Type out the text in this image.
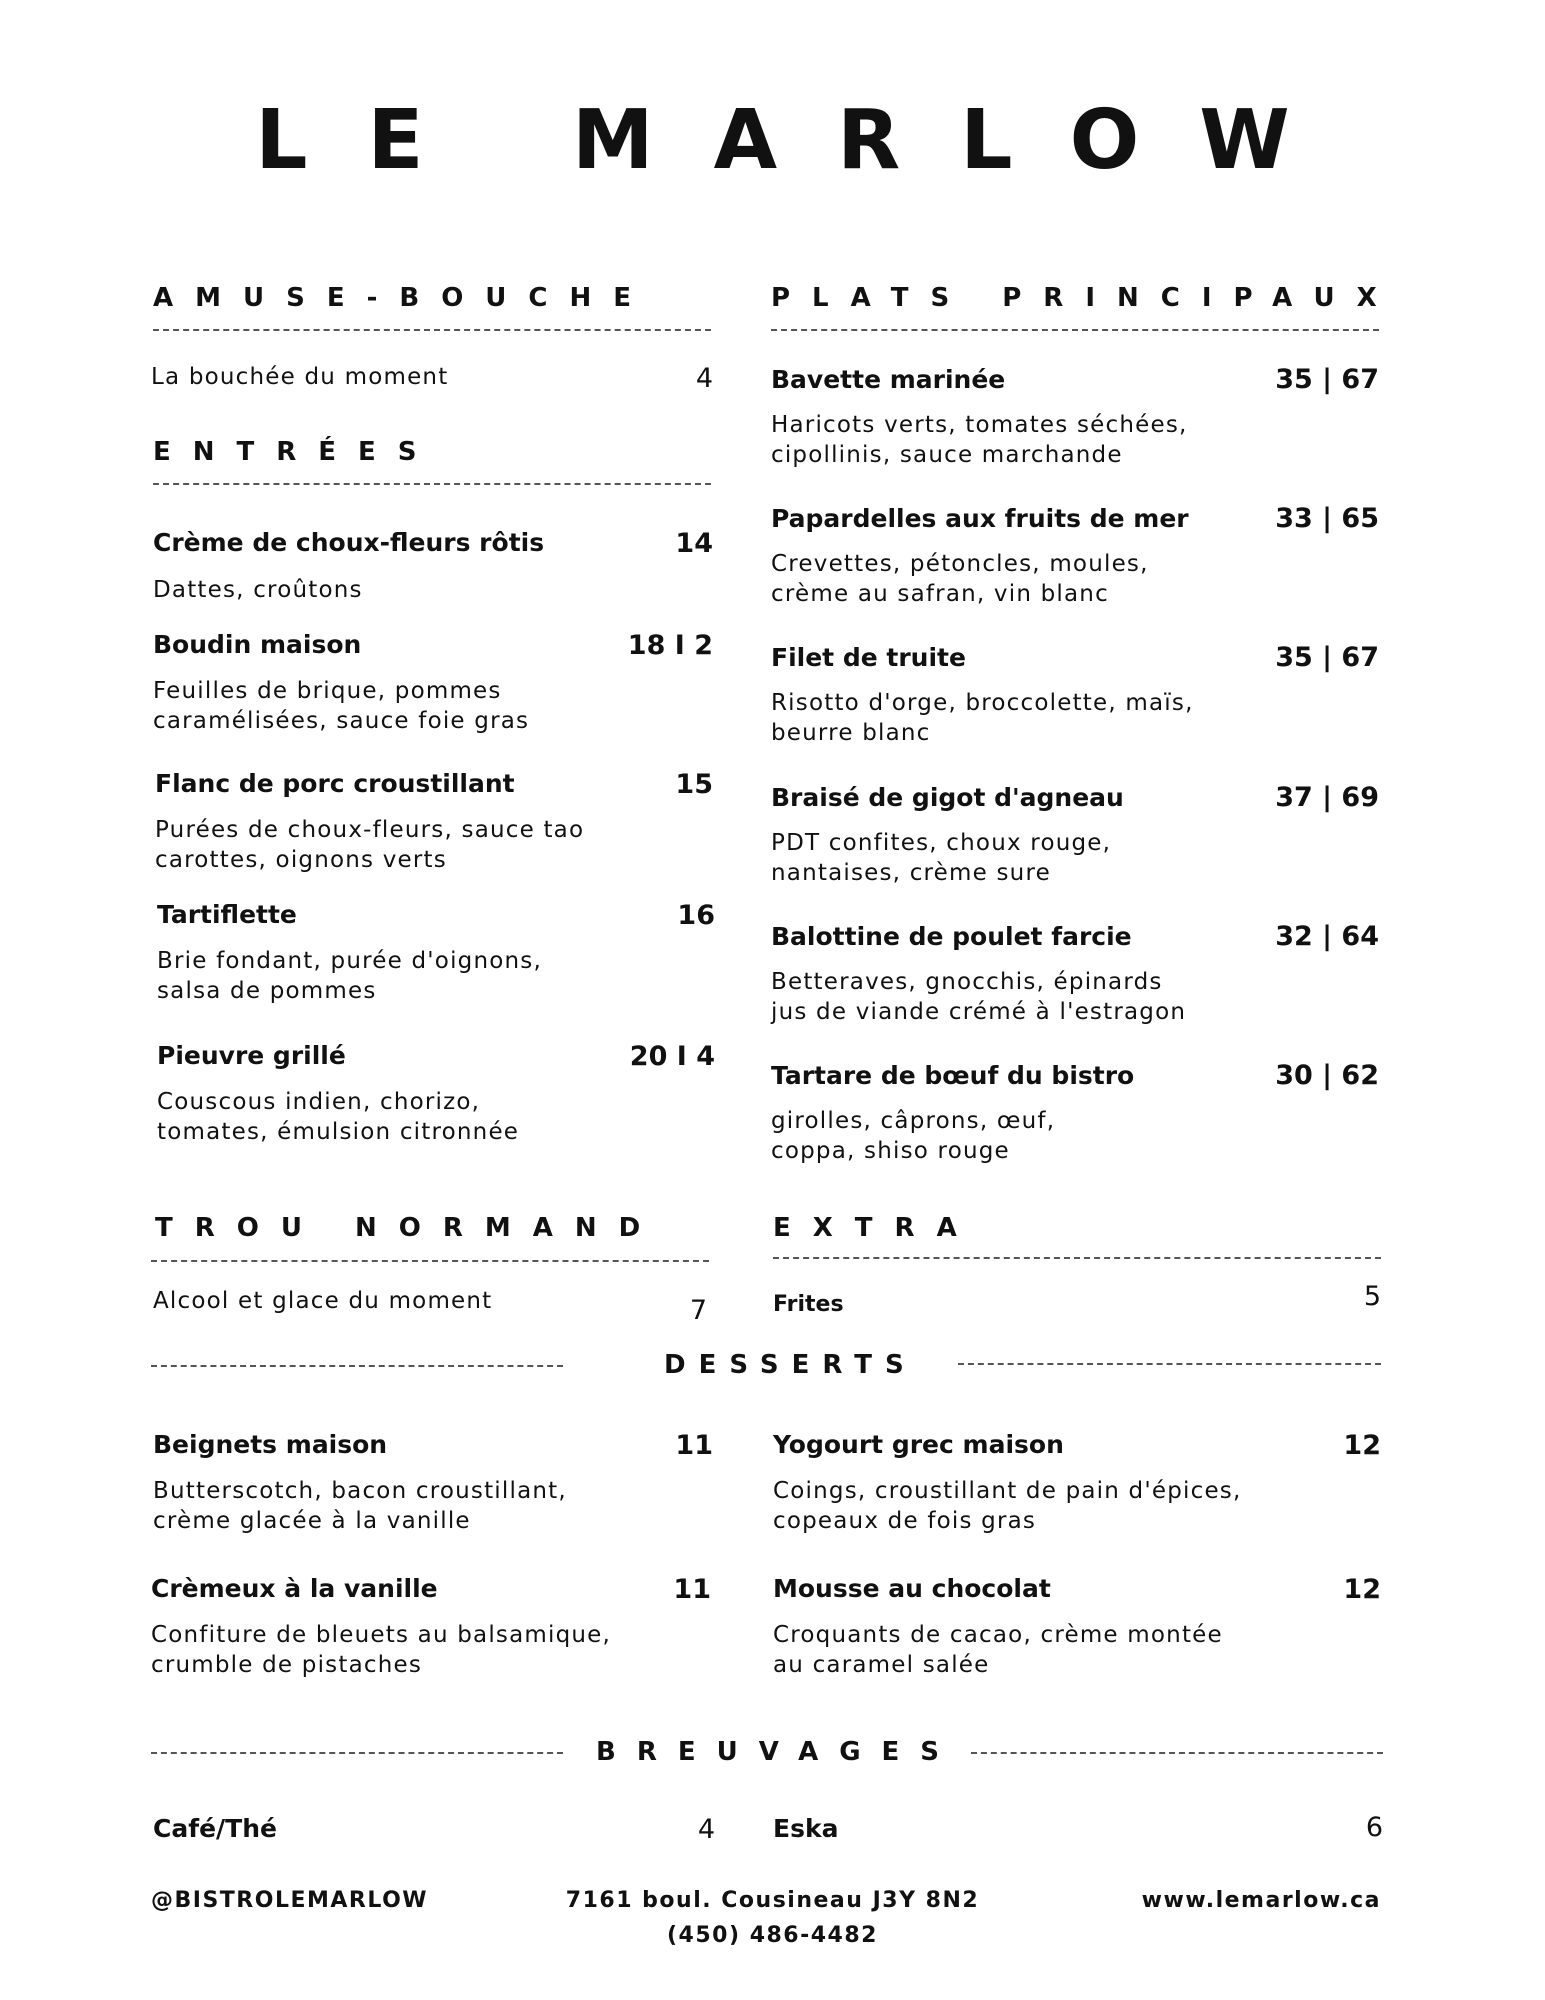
LE MARLOW
AMUSE-BOUCHE
La bouchée du moment	4
ENTRÉES
Crème de choux-fleurs rôtis	14
Dattes, croûtons
Boudin maison	18 I 2
Feuilles de brique, pommes
caramélisées, sauce foie gras
Flanc de porc croustillant	15
Purées de choux-fleurs, sauce tao
carottes, oignons verts
Tartiflette	16
Brie fondant, purée d'oignons,
salsa de pommes
Pieuvre grillé	20 I 4
Couscous indien, chorizo,
tomates, émulsion citronnée
PLATS PRINCIPAUX
Bavette marinée	35 | 67
Haricots verts, tomates séchées,
cipollinis, sauce marchande
Papardelles aux fruits de mer	33 | 65
Crevettes, pétoncles, moules,
crème au safran, vin blanc
Filet de truite	35 | 67
Risotto d'orge, broccolette, maïs,
beurre blanc
Braisé de gigot d'agneau	37 | 69
PDT confites, choux rouge,
nantaises, crème sure
Balottine de poulet farcie	32 | 64
Betteraves, gnocchis, épinards
jus de viande crémé à l'estragon
Tartare de bœuf du bistro	30 | 62
girolles, câprons, œuf,
coppa, shiso rouge
TROU NORMAND
Alcool et glace du moment	7
EXTRA
Frites	5
DESSERTS
Beignets maison	11
Butterscotch, bacon croustillant,
crème glacée à la vanille
Yogourt grec maison	12
Coings, croustillant de pain d'épices,
copeaux de fois gras
Crèmeux à la vanille	11
Confiture de bleuets au balsamique,
crumble de pistaches
Mousse au chocolat	12
Croquants de cacao, crème montée
au caramel salée
BREUVAGES
Café/Thé	4 Eska	6
@BISTROLEMARLOW	7161 boul. Cousineau J3Y 8N2
(450) 486-4482
www.lemarlow.ca
